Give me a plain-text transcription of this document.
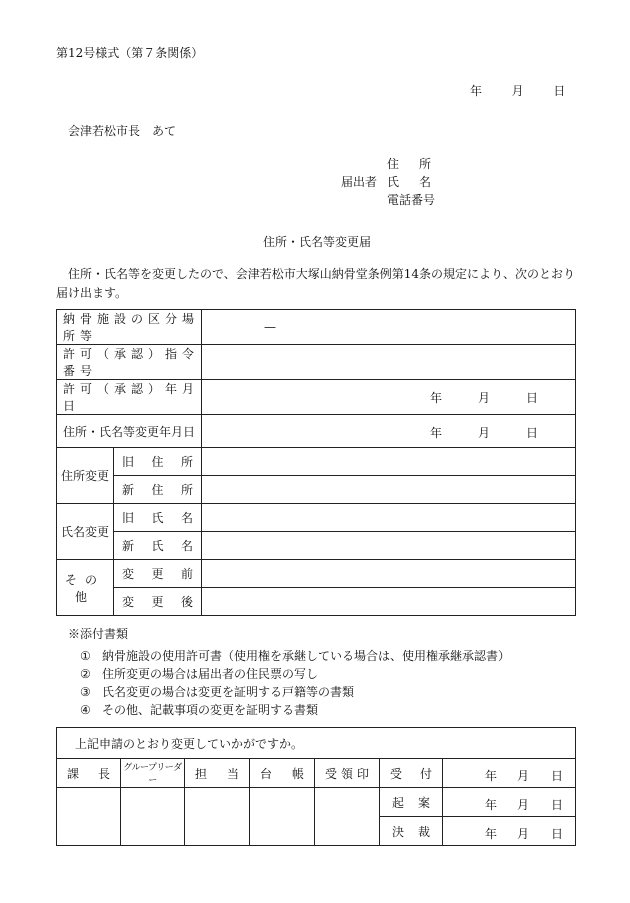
第12号様式（第７条関係）
年 月 日
会津若松市長　あて
住所
届出者 氏名
電話番号
住所・氏名等変更届
住所・氏名等を変更したので、会津若松市大塚山納骨堂条例第14条の規定により、次のとおり届け出ます。
納骨施設の区分場所等		—
許可（承認）指令番号		
許可（承認）年月日		年 月 日

住所・氏名等変更年月日		年 月 日

住所変更	旧住所	
	新住所	
氏名変更	旧氏名	
	新氏名	
その他	変更前	
	変更後	
※添付書類
① 納骨施設の使用許可書（使用権を承継している場合は、使用権承継承認書）
② 住所変更の場合は届出者の住民票の写し
③ 氏名変更の場合は変更を証明する戸籍等の書類
④ その他、記載事項の変更を証明する書類
上記申請のとおり変更していかがですか。						
課長	グループリーダー	担当	台帳	受領印	受付	年 月 日

					起案	年 月 日

					決裁	年 月 日
